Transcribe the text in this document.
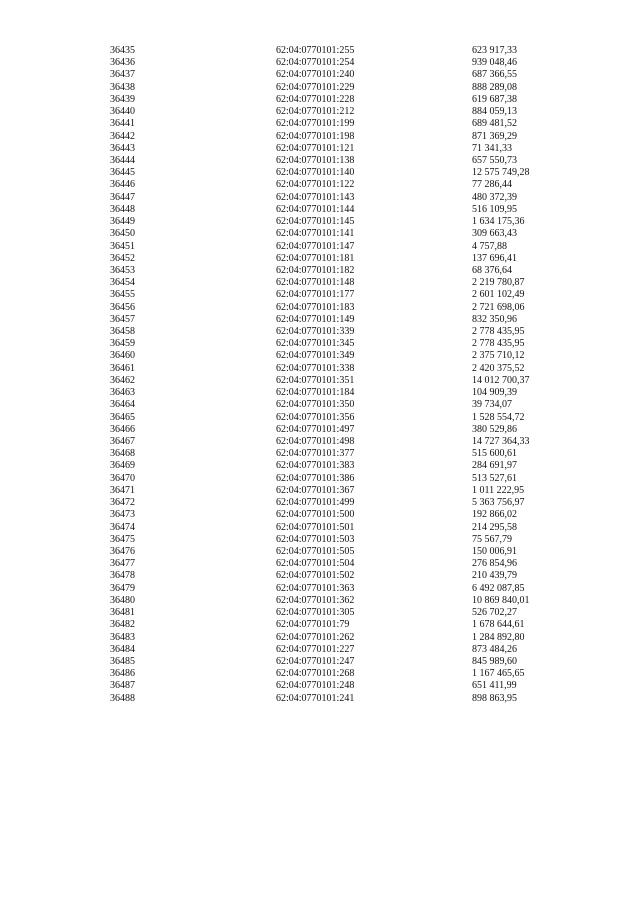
36435	62:04:0770101:255	623 917,33
36436	62:04:0770101:254	939 048,46
36437	62:04:0770101:240	687 366,55
36438	62:04:0770101:229	888 289,08
36439	62:04:0770101:228	619 687,38
36440	62:04:0770101:212	884 059,13
36441	62:04:0770101:199	689 481,52
36442	62:04:0770101:198	871 369,29
36443	62:04:0770101:121	71 341,33
36444	62:04:0770101:138	657 550,73
36445	62:04:0770101:140	12 575 749,28
36446	62:04:0770101:122	77 286,44
36447	62:04:0770101:143	480 372,39
36448	62:04:0770101:144	516 109,95
36449	62:04:0770101:145	1 634 175,36
36450	62:04:0770101:141	309 663,43
36451	62:04:0770101:147	4 757,88
36452	62:04:0770101:181	137 696,41
36453	62:04:0770101:182	68 376,64
36454	62:04:0770101:148	2 219 780,87
36455	62:04:0770101:177	2 601 102,49
36456	62:04:0770101:183	2 721 698,06
36457	62:04:0770101:149	832 350,96
36458	62:04:0770101:339	2 778 435,95
36459	62:04:0770101:345	2 778 435,95
36460	62:04:0770101:349	2 375 710,12
36461	62:04:0770101:338	2 420 375,52
36462	62:04:0770101:351	14 012 700,37
36463	62:04:0770101:184	104 909,39
36464	62:04:0770101:350	39 734,07
36465	62:04:0770101:356	1 528 554,72
36466	62:04:0770101:497	380 529,86
36467	62:04:0770101:498	14 727 364,33
36468	62:04:0770101:377	515 600,61
36469	62:04:0770101:383	284 691,97
36470	62:04:0770101:386	513 527,61
36471	62:04:0770101:367	1 011 222,95
36472	62:04:0770101:499	5 363 756,97
36473	62:04:0770101:500	192 866,02
36474	62:04:0770101:501	214 295,58
36475	62:04:0770101:503	75 567,79
36476	62:04:0770101:505	150 006,91
36477	62:04:0770101:504	276 854,96
36478	62:04:0770101:502	210 439,79
36479	62:04:0770101:363	6 492 087,85
36480	62:04:0770101:362	10 869 840,01
36481	62:04:0770101:305	526 702,27
36482	62:04:0770101:79	1 678 644,61
36483	62:04:0770101:262	1 284 892,80
36484	62:04:0770101:227	873 484,26
36485	62:04:0770101:247	845 989,60
36486	62:04:0770101:268	1 167 465,65
36487	62:04:0770101:248	651 411,99
36488	62:04:0770101:241	898 863,95
